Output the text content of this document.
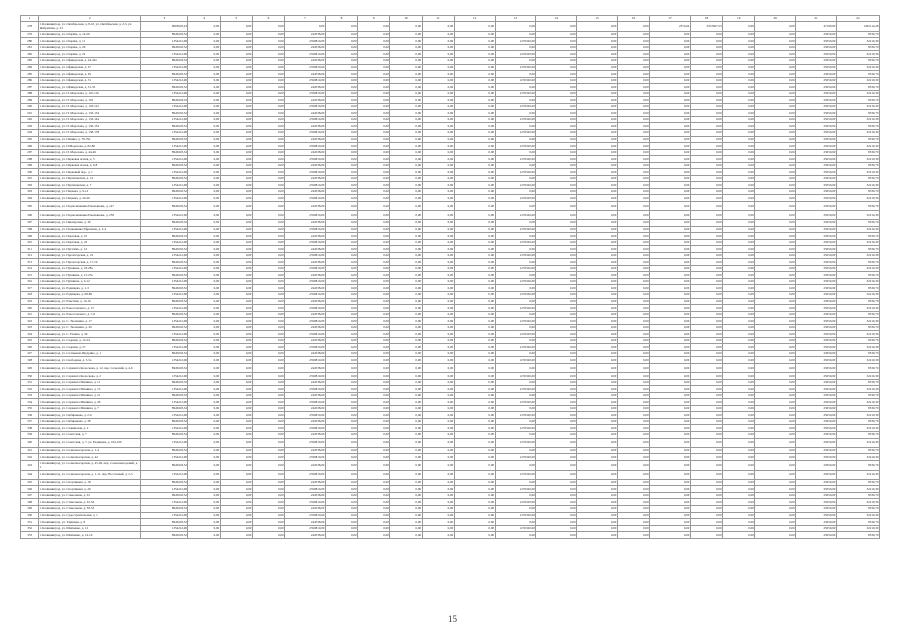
1	2	3	4	5	6	7	8	9	10	11	12	13	14	15	16	17	18	19	20	21	22
278	г. Калининград, ул. Октябрьская, д. 8-10, ул. Октябрьская, д. 2-3, ул. Фабричная, д. 23	9603618,23	0,00	0,00	0,00	0,00	0,00	0,00	0,00	0,00	0,00	0,00	0,00	0,00	0,00	2374,04	5472827,53	0,00	0,00	47190,00	1202114,28
279	г. Калининград, ул. Огарёва, д. 14-20	8945618,32	0,00	0,00	0,00	244538,00	0,00	0,00	0,00	0,00	0,00	0,00	0,00	0,00	0,00	0,00	0,00	0,00	0,00	23050,00	8530,70
280	г. Калининград, ул. Огарёва, д. 11	1354212,00	0,00	0,00	0,00	2350810,00	0,00	0,00	0,00	0,00	0,00	1235320,00	0,00	0,00	0,00	0,00	0,00	0,00	0,00	25050,00	32210,30
281	г. Калининград, ул. Огарёва, д. 20	8945618,32	0,00	0,00	0,00	244538,00	0,00	0,00	0,00	0,00	0,00	0,00	0,00	0,00	0,00	0,00	0,00	0,00	0,00	23050,00	8530,70
282	г. Калининград, ул. Огарёва, д. 22	1354212,00	0,00	0,00	0,00	2350810,00	0,00	0,00	0,00	0,00	0,00	1235320,00	0,00	0,00	0,00	0,00	0,00	0,00	0,00	25050,00	32210,30
283	г. Калининград, ул. Офицерская, д. 24-34а	8945618,32	0,00	0,00	0,00	244538,00	0,00	0,00	0,00	0,00	0,00	0,00	0,00	0,00	0,00	0,00	0,00	0,00	0,00	23050,00	8530,70
284	г. Калининград, ул. Офицерская, д. 27	1354212,00	0,00	0,00	0,00	2350810,00	0,00	0,00	0,00	0,00	0,00	1235320,00	0,00	0,00	0,00	0,00	0,00	0,00	0,00	25050,00	32210,30
285	г. Калининград, ул. Офицерская, д. 29	8945618,32	0,00	0,00	0,00	244538,00	0,00	0,00	0,00	0,00	0,00	0,00	0,00	0,00	0,00	0,00	0,00	0,00	0,00	23050,00	8530,70
286	г. Калининград, ул. Офицерская, д. 31	1354212,00	0,00	0,00	0,00	2350810,00	0,00	0,00	0,00	0,00	0,00	1235320,00	0,00	0,00	0,00	0,00	0,00	0,00	0,00	25050,00	32210,30
287	г. Калининград, ул. Офицерская, д. 31-33	8945618,32	0,00	0,00	0,00	244538,00	0,00	0,00	0,00	0,00	0,00	0,00	0,00	0,00	0,00	0,00	0,00	0,00	0,00	23050,00	8530,70
288	г. Калининград, ул. П. Морозова, д. 110-116	1354212,00	0,00	0,00	0,00	2350810,00	0,00	0,00	0,00	0,00	0,00	1235320,00	0,00	0,00	0,00	0,00	0,00	0,00	0,00	25050,00	32210,30
289	г. Калининград, ул. П. Морозова, д. 118	8945618,32	0,00	0,00	0,00	244538,00	0,00	0,00	0,00	0,00	0,00	0,00	0,00	0,00	0,00	0,00	0,00	0,00	0,00	23050,00	8530,70
290	г. Калининград, ул. П. Морозова, д. 118-122	1354212,00	0,00	0,00	0,00	2350810,00	0,00	0,00	0,00	0,00	0,00	1235320,00	0,00	0,00	0,00	0,00	0,00	0,00	0,00	25050,00	32210,30
291	г. Калининград, ул. П. Морозова, д. 132-134	8945618,32	0,00	0,00	0,00	244538,00	0,00	0,00	0,00	0,00	0,00	0,00	0,00	0,00	0,00	0,00	0,00	0,00	0,00	23050,00	8530,70
292	г. Калининград, ул. П. Морозова, д. 132-144	1354212,00	0,00	0,00	0,00	2350810,00	0,00	0,00	0,00	0,00	0,00	1235320,00	0,00	0,00	0,00	0,00	0,00	0,00	0,00	25050,00	32210,30
293	г. Калининград, ул. П. Морозова, д. 150-154	8945618,32	0,00	0,00	0,00	244538,00	0,00	0,00	0,00	0,00	0,00	0,00	0,00	0,00	0,00	0,00	0,00	0,00	0,00	23050,00	8530,70
294	г. Калининград, ул. П. Морозова, д. 158-178	1354212,00	0,00	0,00	0,00	2350810,00	0,00	0,00	0,00	0,00	0,00	1235320,00	0,00	0,00	0,00	0,00	0,00	0,00	0,00	25050,00	32210,30
295	г. Калининград, ул. Панина, д. 79-79а	8945618,32	0,00	0,00	0,00	244538,00	0,00	0,00	0,00	0,00	0,00	0,00	0,00	0,00	0,00	0,00	0,00	0,00	0,00	23050,00	8530,70
296	г. Калининград, ул. П.Морозова, д. 82-86	1354212,00	0,00	0,00	0,00	2350810,00	0,00	0,00	0,00	0,00	0,00	1235320,00	0,00	0,00	0,00	0,00	0,00	0,00	0,00	25050,00	32210,30
297	г. Калининград, ул. П. Морозова, д. 44-46	8945618,32	0,00	0,00	0,00	244538,00	0,00	0,00	0,00	0,00	0,00	0,00	0,00	0,00	0,00	0,00	0,00	0,00	0,00	23050,00	8530,70
298	г. Калининград, ул. Парковая Аллея, д. 5	1354212,00	0,00	0,00	0,00	2350810,00	0,00	0,00	0,00	0,00	0,00	1235320,00	0,00	0,00	0,00	0,00	0,00	0,00	0,00	25050,00	32210,30
299	г. Калининград, ул. Парковая Аллея, д. 6-8	8945618,32	0,00	0,00	0,00	244538,00	0,00	0,00	0,00	0,00	0,00	0,00	0,00	0,00	0,00	0,00	0,00	0,00	0,00	23050,00	8530,70
300	г. Калининград, ул. Парковый пер., д. 1	1354212,00	0,00	0,00	0,00	2350810,00	0,00	0,00	0,00	0,00	0,00	1235320,00	0,00	0,00	0,00	0,00	0,00	0,00	0,00	25050,00	32210,30
301	г. Калининград, ул. Партизанская, д. 14	8945618,32	0,00	0,00	0,00	244538,00	0,00	0,00	0,00	0,00	0,00	0,00	0,00	0,00	0,00	0,00	0,00	0,00	0,00	23050,00	8530,70
302	г. Калининград, ул. Партизанская, д. 7	1354212,00	0,00	0,00	0,00	2350810,00	0,00	0,00	0,00	0,00	0,00	1235320,00	0,00	0,00	0,00	0,00	0,00	0,00	0,00	25050,00	32210,30
303	г. Калининград, ул. Пацаева, д. 9-12	8945618,32	0,00	0,00	0,00	244538,00	0,00	0,00	0,00	0,00	0,00	0,00	0,00	0,00	0,00	0,00	0,00	0,00	0,00	23050,00	8530,70
304	г. Калининград, ул. Пацаева, д. 24-26	1354212,00	0,00	0,00	0,00	2350810,00	0,00	0,00	0,00	0,00	0,00	1235320,00	0,00	0,00	0,00	0,00	0,00	0,00	0,00	25050,00	32210,30
305	г. Калининград, ул. Подполковника Емельянова, д. 147	8945618,32	0,00	0,00	0,00	244538,00	0,00	0,00	0,00	0,00	0,00	0,00	0,00	0,00	0,00	0,00	0,00	0,00	0,00	23050,00	8530,70
306	г. Калининград, ул. Подполковника Емельянова, д. 239	1354212,00	0,00	0,00	0,00	2350810,00	0,00	0,00	0,00	0,00	0,00	1235320,00	0,00	0,00	0,00	0,00	0,00	0,00	0,00	25050,00	32210,30
307	г. Калининград, ул. Пионерская, д. 36	8945618,32	0,00	0,00	0,00	244538,00	0,00	0,00	0,00	0,00	0,00	0,00	0,00	0,00	0,00	0,00	0,00	0,00	0,00	23050,00	8530,70
308	г. Калининград, ул. Полковника Ефремова, д. 2-4	1354212,00	0,00	0,00	0,00	2350810,00	0,00	0,00	0,00	0,00	0,00	1235320,00	0,00	0,00	0,00	0,00	0,00	0,00	0,00	25050,00	32210,30
309	г. Калининград, ул. Портовая, д. 10	8945618,32	0,00	0,00	0,00	244538,00	0,00	0,00	0,00	0,00	0,00	0,00	0,00	0,00	0,00	0,00	0,00	0,00	0,00	23050,00	8530,70
310	г. Калининград, ул. Портовая, д. 22	1354212,00	0,00	0,00	0,00	2350810,00	0,00	0,00	0,00	0,00	0,00	1235320,00	0,00	0,00	0,00	0,00	0,00	0,00	0,00	25050,00	32210,30
311	г. Калининград, ул. Пугачёва, д. 14	8945618,32	0,00	0,00	0,00	244538,00	0,00	0,00	0,00	0,00	0,00	0,00	0,00	0,00	0,00	0,00	0,00	0,00	0,00	23050,00	8530,70
312	г. Калининград, ул. Пролетарская, д. 19	1354212,00	0,00	0,00	0,00	2350810,00	0,00	0,00	0,00	0,00	0,00	1235320,00	0,00	0,00	0,00	0,00	0,00	0,00	0,00	25050,00	32210,30
313	г. Калининград, ул. Пролетарская, д. 17-19	8945618,32	0,00	0,00	0,00	244538,00	0,00	0,00	0,00	0,00	0,00	0,00	0,00	0,00	0,00	0,00	0,00	0,00	0,00	23050,00	8530,70
314	г. Калининград, ул. Пушкина, д. 18-28а	1354212,00	0,00	0,00	0,00	2350810,00	0,00	0,00	0,00	0,00	0,00	1235320,00	0,00	0,00	0,00	0,00	0,00	0,00	0,00	25050,00	32210,30
315	г. Калининград, ул. Пушкина, д. 21-23а	8945618,32	0,00	0,00	0,00	244538,00	0,00	0,00	0,00	0,00	0,00	0,00	0,00	0,00	0,00	0,00	0,00	0,00	0,00	23050,00	8530,70
316	г. Калининград, ул. Пушкина, д. 6-12	1354212,00	0,00	0,00	0,00	2350810,00	0,00	0,00	0,00	0,00	0,00	1235320,00	0,00	0,00	0,00	0,00	0,00	0,00	0,00	25050,00	32210,30
317	г. Калининград, ул. Радищева, д. 1-3	8945618,32	0,00	0,00	0,00	244538,00	0,00	0,00	0,00	0,00	0,00	0,00	0,00	0,00	0,00	0,00	0,00	0,00	0,00	23050,00	8530,70
318	г. Калининград, ул. Радищева, д. 68-80	1354212,00	0,00	0,00	0,00	2350810,00	0,00	0,00	0,00	0,00	0,00	1235320,00	0,00	0,00	0,00	0,00	0,00	0,00	0,00	25050,00	32210,30
319	г. Калининград, ул. Ракетная, д. 14-16	8945618,32	0,00	0,00	0,00	244538,00	0,00	0,00	0,00	0,00	0,00	0,00	0,00	0,00	0,00	0,00	0,00	0,00	0,00	23050,00	8530,70
320	г. Калининград, ул. Рокоссовского, д. 15	1354212,00	0,00	0,00	0,00	2350810,00	0,00	0,00	0,00	0,00	0,00	1235320,00	0,00	0,00	0,00	0,00	0,00	0,00	0,00	25050,00	32210,30
321	г. Калининград, ул. Рокоссовского, д. 7-9	8945618,32	0,00	0,00	0,00	244538,00	0,00	0,00	0,00	0,00	0,00	0,00	0,00	0,00	0,00	0,00	0,00	0,00	0,00	23050,00	8530,70
322	г. Калининград, ул. С. Тюленина, д. 17	1354212,00	0,00	0,00	0,00	2350810,00	0,00	0,00	0,00	0,00	0,00	1235320,00	0,00	0,00	0,00	0,00	0,00	0,00	0,00	25050,00	32210,30
323	г. Калининград, ул. С. Тюленина, д. 26	8945618,32	0,00	0,00	0,00	244538,00	0,00	0,00	0,00	0,00	0,00	0,00	0,00	0,00	0,00	0,00	0,00	0,00	0,00	23050,00	8530,70
324	г. Калининград, ул. С. Разина, д. 29	1354212,00	0,00	0,00	0,00	2350810,00	0,00	0,00	0,00	0,00	0,00	1235320,00	0,00	0,00	0,00	0,00	0,00	0,00	0,00	25050,00	32210,30
325	г. Калининград, ул. Садовая, д. 12-24	8945618,32	0,00	0,00	0,00	244538,00	0,00	0,00	0,00	0,00	0,00	0,00	0,00	0,00	0,00	0,00	0,00	0,00	0,00	23050,00	8530,70
326	г. Калининград, ул. Садовая, д. 27	1354212,00	0,00	0,00	0,00	2350810,00	0,00	0,00	0,00	0,00	0,00	1235320,00	0,00	0,00	0,00	0,00	0,00	0,00	0,00	25050,00	32210,30
327	г. Калининград, ул. Салтыкова-Щедрина, д. 1	8945618,32	0,00	0,00	0,00	244538,00	0,00	0,00	0,00	0,00	0,00	0,00	0,00	0,00	0,00	0,00	0,00	0,00	0,00	23050,00	8530,70
328	г. Калининград, ул. Свободная, д. 3-5а	1354212,00	0,00	0,00	0,00	2350810,00	0,00	0,00	0,00	0,00	0,00	1235320,00	0,00	0,00	0,00	0,00	0,00	0,00	0,00	25050,00	32210,30
329	г. Калининград, ул. Сержанта Колоскова, д. 12, пер. Сельский, д. 4-6	8945618,32	0,00	0,00	0,00	244538,00	0,00	0,00	0,00	0,00	0,00	0,00	0,00	0,00	0,00	0,00	0,00	0,00	0,00	23050,00	8530,70
330	г. Калининград, ул. Сержанта Колоскова, д. 2	1354212,00	0,00	0,00	0,00	2350810,00	0,00	0,00	0,00	0,00	0,00	1235320,00	0,00	0,00	0,00	0,00	0,00	0,00	0,00	25050,00	32210,30
331	г. Калининград, ул. Сержанта Мишина, д. 11	8945618,32	0,00	0,00	0,00	244538,00	0,00	0,00	0,00	0,00	0,00	0,00	0,00	0,00	0,00	0,00	0,00	0,00	0,00	23050,00	8530,70
332	г. Калининград, ул. Сержанта Мишина, д. 13	1354212,00	0,00	0,00	0,00	2350810,00	0,00	0,00	0,00	0,00	0,00	1235320,00	0,00	0,00	0,00	0,00	0,00	0,00	0,00	25050,00	32210,30
333	г. Калининград, ул. Сержанта Мишина, д. 21	8945618,32	0,00	0,00	0,00	244538,00	0,00	0,00	0,00	0,00	0,00	0,00	0,00	0,00	0,00	0,00	0,00	0,00	0,00	23050,00	8530,70
334	г. Калининград, ул. Сержанта Мишина, д. 29	1354212,00	0,00	0,00	0,00	2350810,00	0,00	0,00	0,00	0,00	0,00	1235320,00	0,00	0,00	0,00	0,00	0,00	0,00	0,00	25050,00	32210,30
335	г. Калининград, ул. Сержанта Мишина, д. 7	8945618,32	0,00	0,00	0,00	244538,00	0,00	0,00	0,00	0,00	0,00	0,00	0,00	0,00	0,00	0,00	0,00	0,00	0,00	23050,00	8530,70
336	г. Калининград, ул. Сибирякова, д. 2-6	1354212,00	0,00	0,00	0,00	2350810,00	0,00	0,00	0,00	0,00	0,00	1235320,00	0,00	0,00	0,00	0,00	0,00	0,00	0,00	25050,00	32210,30
337	г. Калининград, ул. Сибирякова, д. 38	8945618,32	0,00	0,00	0,00	244538,00	0,00	0,00	0,00	0,00	0,00	0,00	0,00	0,00	0,00	0,00	0,00	0,00	0,00	23050,00	8530,70
338	г. Калининград, ул. Славянская, д. 2	1354212,00	0,00	0,00	0,00	2350810,00	0,00	0,00	0,00	0,00	0,00	1235320,00	0,00	0,00	0,00	0,00	0,00	0,00	0,00	25050,00	32210,30
339	г. Калининград, ул. Советская, д. 7	8945618,32	0,00	0,00	0,00	244538,00	0,00	0,00	0,00	0,00	0,00	0,00	0,00	0,00	0,00	0,00	0,00	0,00	0,00	23050,00	8530,70
340	г. Калининград, ул. Советская, д. 7, ул. Радищева, д. 104-106	1354212,00	0,00	0,00	0,00	2350810,00	0,00	0,00	0,00	0,00	0,00	1235320,00	0,00	0,00	0,00	0,00	0,00	0,00	0,00	25050,00	32210,30
341	г. Калининград, ул. Солнечногорская, д. 1-4	8945618,32	0,00	0,00	0,00	244538,00	0,00	0,00	0,00	0,00	0,00	0,00	0,00	0,00	0,00	0,00	0,00	0,00	0,00	23050,00	8530,70
342	г. Калининград, ул. Солнечногорская, д. 42	1354212,00	0,00	0,00	0,00	2350810,00	0,00	0,00	0,00	0,00	0,00	1235320,00	0,00	0,00	0,00	0,00	0,00	0,00	0,00	25050,00	32210,30
343	г. Калининград, ул. Солнечногорская, д. 45-49, пер. Солнечногорский, д. 1	8945618,32	0,00	0,00	0,00	244538,00	0,00	0,00	0,00	0,00	0,00	0,00	0,00	0,00	0,00	0,00	0,00	0,00	0,00	23050,00	8530,70
344	г. Калининград, ул. Солнечногорская, д. 1-11, пер. Восточный, д. 2-5	1354212,00	0,00	0,00	0,00	2350810,00	0,00	0,00	0,00	0,00	0,00	1235320,00	0,00	0,00	0,00	0,00	0,00	0,00	0,00	25050,00	32210,30
345	г. Калининград, ул. Спортивная, д. 18	8945618,32	0,00	0,00	0,00	244538,00	0,00	0,00	0,00	0,00	0,00	0,00	0,00	0,00	0,00	0,00	0,00	0,00	0,00	23050,00	8530,70
346	г. Калининград, ул. Спортивная, д. 26	1354212,00	0,00	0,00	0,00	2350810,00	0,00	0,00	0,00	0,00	0,00	1235320,00	0,00	0,00	0,00	0,00	0,00	0,00	0,00	25050,00	32210,30
347	г. Калининград, ул. Стекольная, д. 22	8945618,32	0,00	0,00	0,00	244538,00	0,00	0,00	0,00	0,00	0,00	0,00	0,00	0,00	0,00	0,00	0,00	0,00	0,00	23050,00	8530,70
348	г. Калининград, ул. Стекольная, д. 32-34	1354212,00	0,00	0,00	0,00	2350810,00	0,00	0,00	0,00	0,00	0,00	1235320,00	0,00	0,00	0,00	0,00	0,00	0,00	0,00	25050,00	32210,30
349	г. Калининград, ул. Стекольная, д. 39-53	8945618,32	0,00	0,00	0,00	244538,00	0,00	0,00	0,00	0,00	0,00	0,00	0,00	0,00	0,00	0,00	0,00	0,00	0,00	23050,00	8530,70
350	г. Калининград, ул. Судостроительная, д. 1	1354212,00	0,00	0,00	0,00	2350810,00	0,00	0,00	0,00	0,00	0,00	1235320,00	0,00	0,00	0,00	0,00	0,00	0,00	0,00	25050,00	32210,30
351	г. Калининград, ул. Танковая, д. 8	8945618,32	0,00	0,00	0,00	244538,00	0,00	0,00	0,00	0,00	0,00	0,00	0,00	0,00	0,00	0,00	0,00	0,00	0,00	23050,00	8530,70
352	г. Калининград, ул. Шевченко, д. 12	1354212,00	0,00	0,00	0,00	2350810,00	0,00	0,00	0,00	0,00	0,00	1235320,00	0,00	0,00	0,00	0,00	0,00	0,00	0,00	25050,00	32210,30
353	г. Калининград, ул. Шевченко, д. 14-16	8945618,32	0,00	0,00	0,00	244538,00	0,00	0,00	0,00	0,00	0,00	0,00	0,00	0,00	0,00	0,00	0,00	0,00	0,00	23050,00	8530,70
15
